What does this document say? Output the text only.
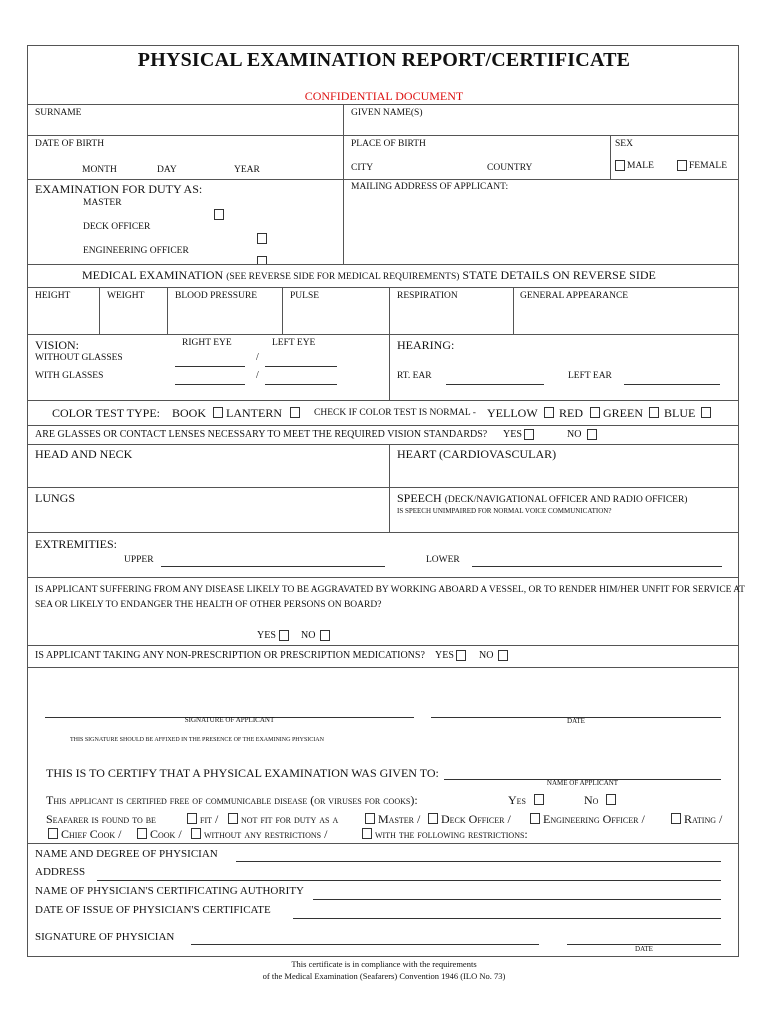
PHYSICAL EXAMINATION REPORT/CERTIFICATE
CONFIDENTIAL DOCUMENT
SURNAME	GIVEN NAME(S)
DATE OF BIRTH
MONTH	DAY	YEAR
PLACE OF BIRTH
CITY	COUNTRY
SEX
MALE	FEMALE
EXAMINATION FOR DUTY AS:
MASTER
DECK OFFICER
ENGINEERING OFFICER
MAILING ADDRESS OF APPLICANT:
MEDICAL EXAMINATION (SEE REVERSE SIDE FOR MEDICAL REQUIREMENTS) STATE DETAILS ON REVERSE SIDE
HEIGHT	WEIGHT	BLOOD PRESSURE	PULSE	RESPIRATION	GENERAL APPEARANCE
VISION:	RIGHT EYE	LEFT EYE
WITHOUT GLASSES	/
WITH GLASSES	/
HEARING:
RT. EAR	LEFT EAR
COLOR TEST TYPE: BOOK LANTERN	CHECK IF COLOR TEST IS NORMAL - YELLOW RED GREEN BLUE
ARE GLASSES OR CONTACT LENSES NECESSARY TO MEET THE REQUIRED VISION STANDARDS? YES	NO
HEAD AND NECK	HEART (CARDIOVASCULAR)
LUNGS	SPEECH (DECK/NAVIGATIONAL OFFICER AND RADIO OFFICER)
IS SPEECH UNIMPAIRED FOR NORMAL VOICE COMMUNICATION?
EXTREMITIES:
UPPER	LOWER
IS APPLICANT SUFFERING FROM ANY DISEASE LIKELY TO BE AGGRAVATED BY WORKING ABOARD A VESSEL, OR TO RENDER HIM/HER UNFIT FOR SERVICE AT
SEA OR LIKELY TO ENDANGER THE HEALTH OF OTHER PERSONS ON BOARD?
YES	NO
IS APPLICANT TAKING ANY NON-PRESCRIPTION OR PRESCRIPTION MEDICATIONS? YES	NO
SIGNATURE OF APPLICANT	DATE
THIS SIGNATURE SHOULD BE AFFIXED IN THE PRESENCE OF THE EXAMINING PHYSICIAN
THIS IS TO CERTIFY THAT A PHYSICAL EXAMINATION WAS GIVEN TO:
NAME OF APPLICANT
This applicant is certified free of communicable disease (or viruses for cooks):	Yes	No
Seafarer is found to be	fit / not fit for duty as a	Master / Deck Officer /	Engineering Officer /	Rating /
Chief Cook / Cook / without any restrictions /	with the following restrictions:
NAME AND DEGREE OF PHYSICIAN
ADDRESS
NAME OF PHYSICIAN'S CERTIFICATING AUTHORITY
DATE OF ISSUE OF PHYSICIAN'S CERTIFICATE
SIGNATURE OF PHYSICIAN
DATE
This certificate is in compliance with the requirements
of the Medical Examination (Seafarers) Convention 1946 (ILO No. 73)
